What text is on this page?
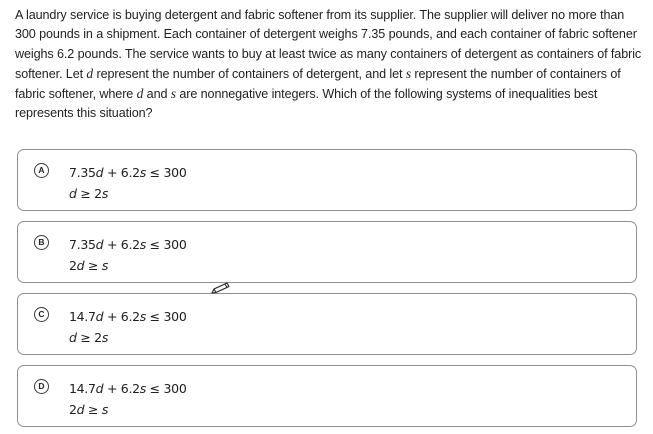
A laundry service is buying detergent and fabric softener from its supplier. The supplier will deliver no more than 300 pounds in a shipment. Each container of detergent weighs 7.35 pounds, and each container of fabric softener weighs 6.2 pounds. The service wants to buy at least twice as many containers of detergent as containers of fabric softener. Let d represent the number of containers of detergent, and let s represent the number of containers of fabric softener, where d and s are nonnegative integers. Which of the following systems of inequalities best represents this situation?
A	7.35d + 6.2s ≤ 300
d ≥ 2s
B	7.35d + 6.2s ≤ 300
2d ≥ s
C	14.7d + 6.2s ≤ 300
d ≥ 2s
D	14.7d + 6.2s ≤ 300
2d ≥ s
